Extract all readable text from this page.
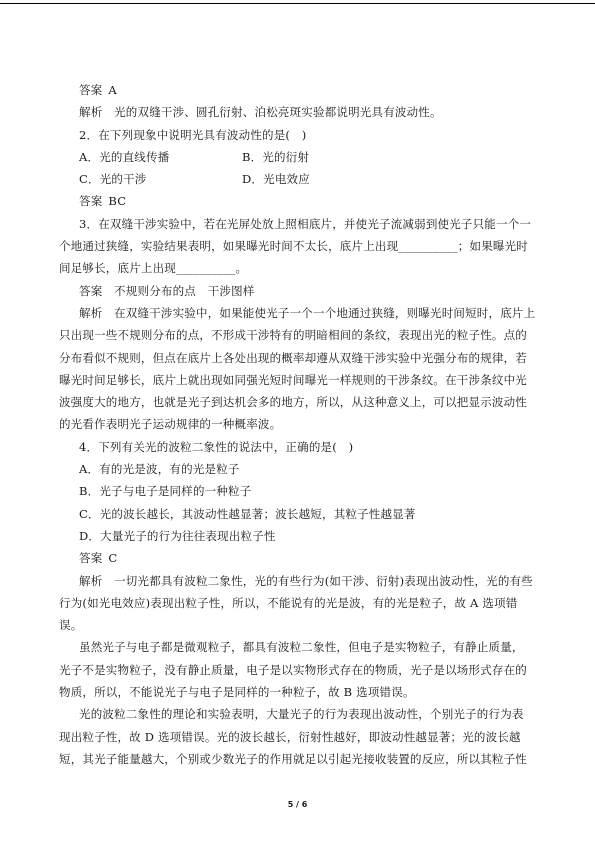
答案 A
解析　光的双缝干涉、圆孔衍射、泊松亮斑实验都说明光具有波动性。
2．在下列现象中说明光具有波动性的是(　)
A．光的直线传播	B．光的衍射
C．光的干涉	D．光电效应
答案 BC
3．在双缝干涉实验中，若在光屏处放上照相底片，并使光子流减弱到使光子只能一个一
个地通过狭缝，实验结果表明，如果曝光时间不太长，底片上出现__________；如果曝光时
间足够长，底片上出现__________。
答案　不规则分布的点　干涉图样
解析　在双缝干涉实验中，如果能使光子一个一个地通过狭缝，则曝光时间短时，底片上
只出现一些不规则分布的点，不形成干涉特有的明暗相间的条纹，表现出光的粒子性。点的
分布看似不规则，但点在底片上各处出现的概率却遵从双缝干涉实验中光强分布的规律，若
曝光时间足够长，底片上就出现如同强光短时间曝光一样规则的干涉条纹。在干涉条纹中光
波强度大的地方，也就是光子到达机会多的地方，所以，从这种意义上，可以把显示波动性
的光看作表明光子运动规律的一种概率波。
4．下列有关光的波粒二象性的说法中，正确的是(　)
A．有的光是波，有的光是粒子
B．光子与电子是同样的一种粒子
C．光的波长越长，其波动性越显著；波长越短，其粒子性越显著
D．大量光子的行为往往表现出粒子性
答案 C
解析　一切光都具有波粒二象性，光的有些行为(如干涉、衍射)表现出波动性，光的有些
行为(如光电效应)表现出粒子性，所以，不能说有的光是波，有的光是粒子，故 A 选项错
误。
虽然光子与电子都是微观粒子，都具有波粒二象性，但电子是实物粒子，有静止质量，
光子不是实物粒子，没有静止质量，电子是以实物形式存在的物质，光子是以场形式存在的
物质，所以，不能说光子与电子是同样的一种粒子，故 B 选项错误。
光的波粒二象性的理论和实验表明，大量光子的行为表现出波动性，个别光子的行为表
现出粒子性，故 D 选项错误。光的波长越长，衍射性越好，即波动性越显著；光的波长越
短，其光子能量越大，个别或少数光子的作用就足以引起光接收装置的反应，所以其粒子性
5 / 6
